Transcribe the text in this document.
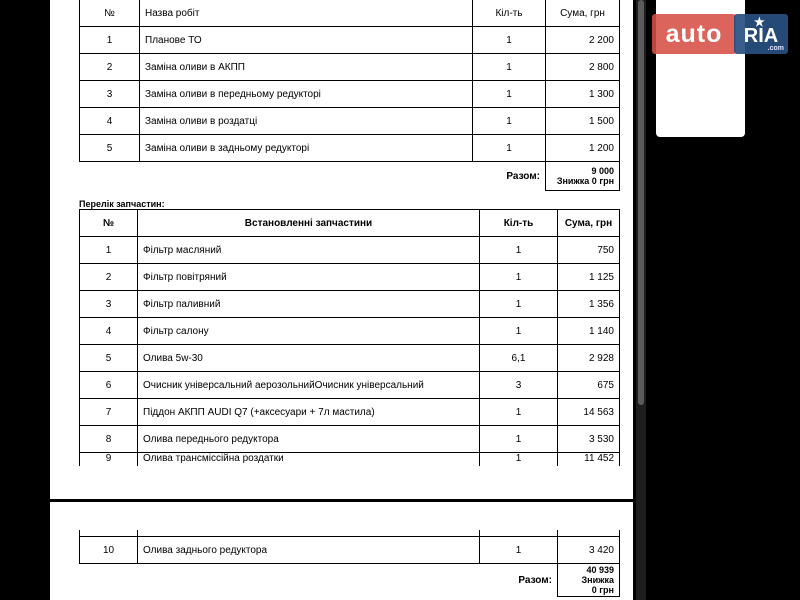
№	Назва робіт	Кіл-ть	Сума, грн
1	Планове ТО	1	2 200
2	Заміна оливи в АКПП	1	2 800
3	Заміна оливи в передньому редукторі	1	1 300
4	Заміна оливи в роздатці	1	1 500
5	Заміна оливи в задньому редукторі	1	1 200
		Разом:	9 000
Знижка 0 грн
Перелік запчастин:
№	Встановленні запчастини	Кіл-ть	Сума, грн
1	Фільтр масляний	1	750
2	Фільтр повітряний	1	1 125
3	Фільтр паливний	1	1 356
4	Фільтр салону	1	1 140
5	Олива 5w-30	6,1	2 928
6	Очисник універсальний аерозольнийОчисник універсальний	3	675
7	Піддон АКПП AUDI Q7 (+аксесуари + 7л мастила)	1	14 563
8	Олива переднього редуктора	1	3 530
9	Олива трансміссійна роздатки	1	11 452

10	Олива заднього редуктора	1	3 420
		Разом:	40 939
Знижка
0 грн
auto	★
RIA
.com
